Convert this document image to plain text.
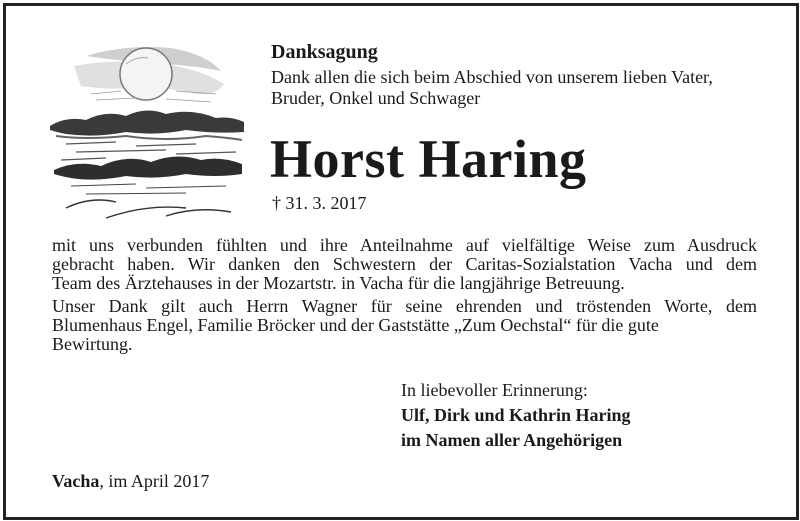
Danksagung

Dank allen die sich beim Abschied von unserem lieben Vater,
Bruder, Onkel und Schwager

Horst Haring

† 31. 3. 2017

mit uns verbunden fühlten und ihre Anteilnahme auf vielfältige Weise zum Ausdruck
gebracht haben. Wir danken den Schwestern der Caritas-Sozialstation Vacha und dem
Team des Ärztehauses in der Mozartstr. in Vacha für die langjährige Betreuung.
Unser Dank gilt auch Herrn Wagner für seine ehrenden und tröstenden Worte, dem
Blumenhaus Engel, Familie Bröcker und der Gaststätte „Zum Oechstal“ für die gute
Bewirtung.

In liebevoller Erinnerung:
Ulf, Dirk und Kathrin Haring
im Namen aller Angehörigen

Vacha, im April 2017
